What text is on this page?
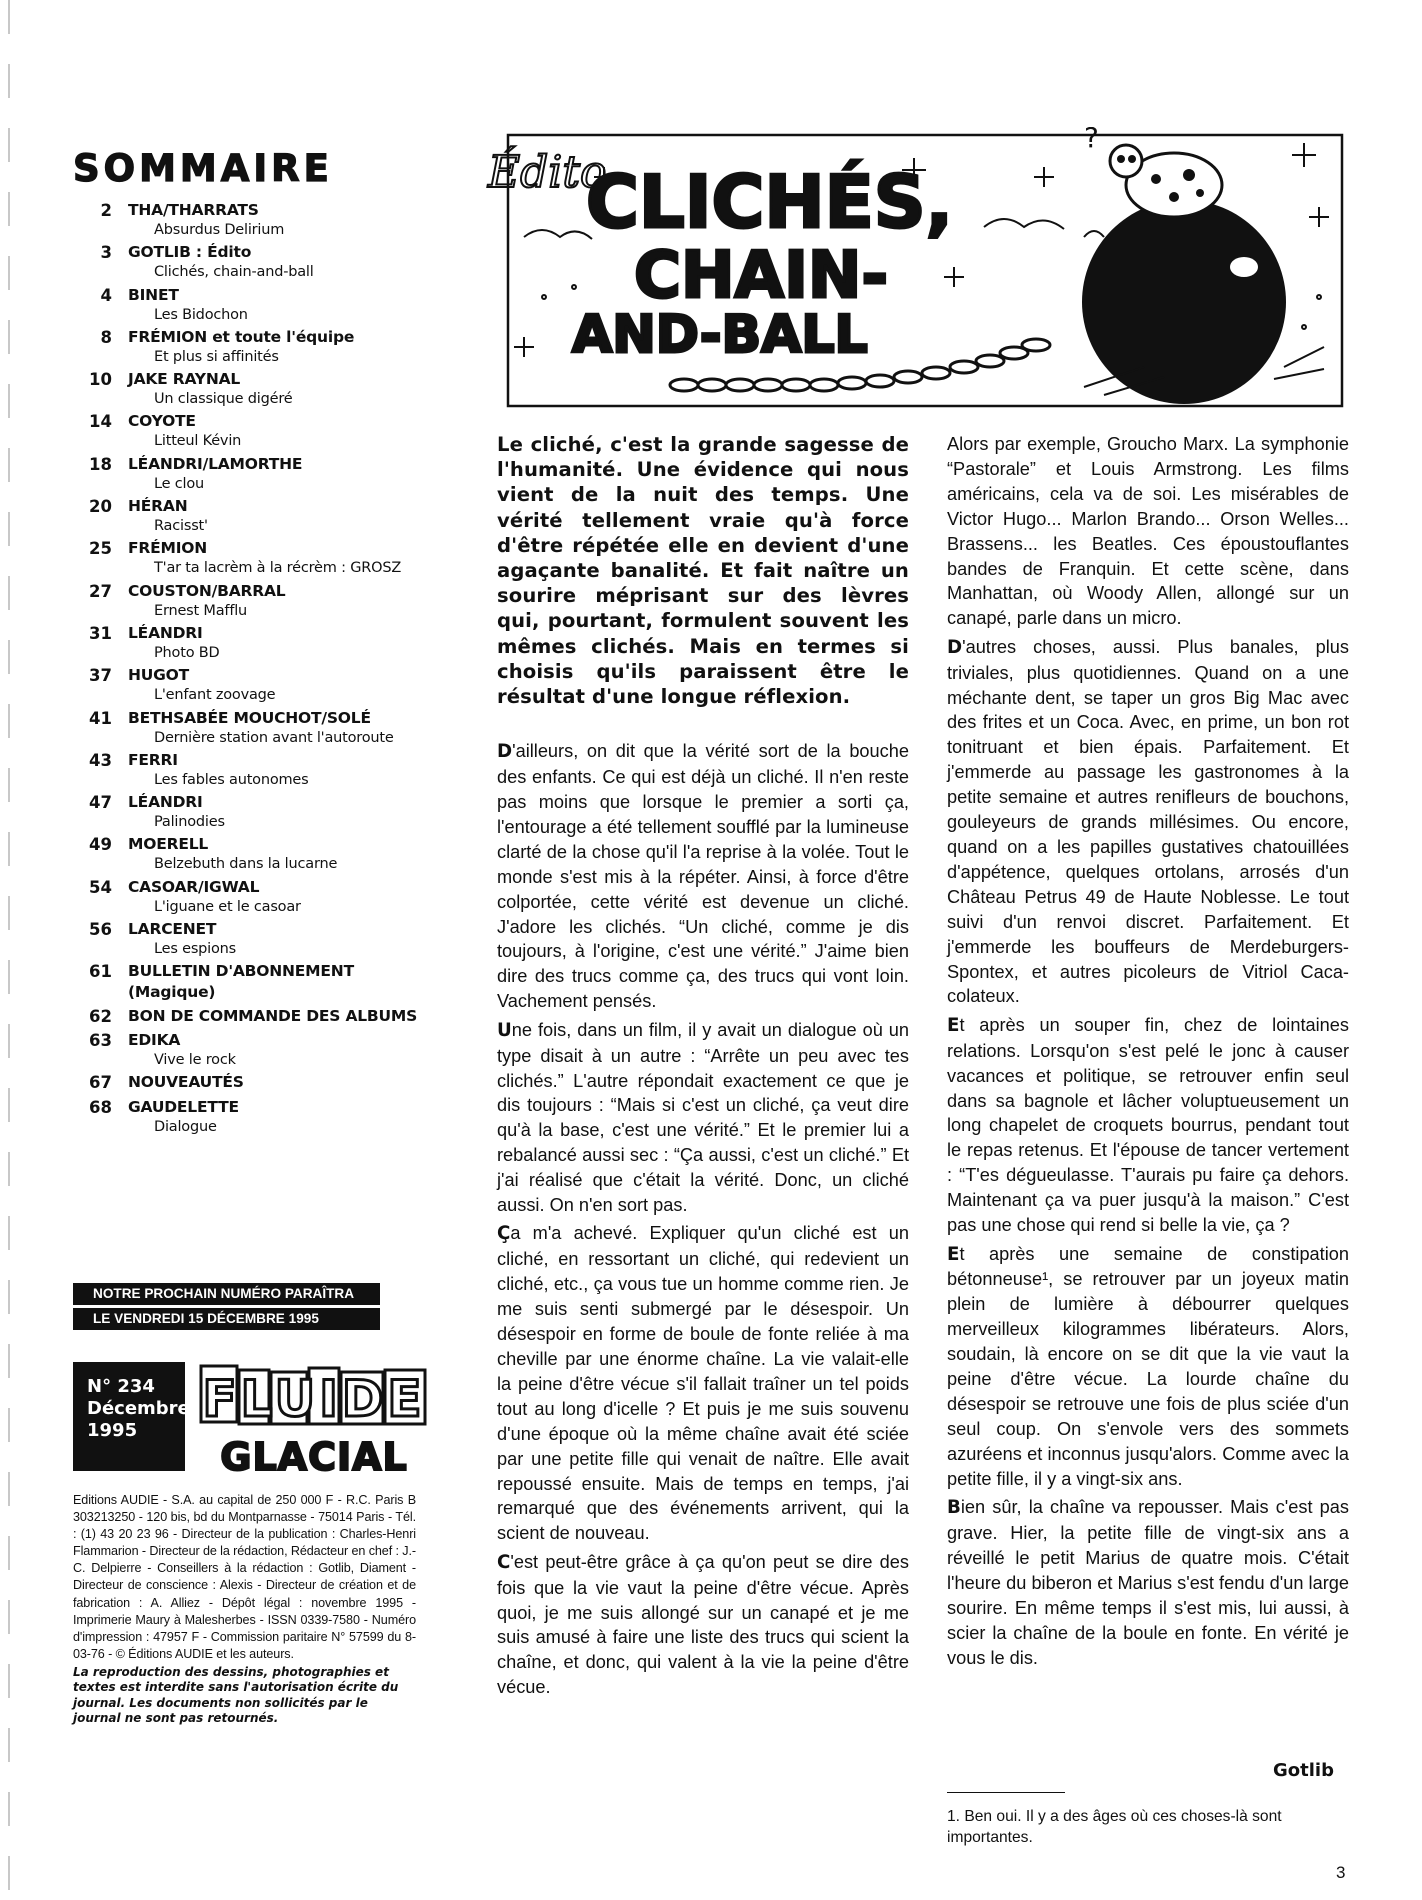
SOMMAIRE
2	THA/THARRATS
Absurdus Delirium
3	GOTLIB : Édito
Clichés, chain-and-ball
4	BINET
Les Bidochon
8	FRÉMION et toute l'équipe
Et plus si affinités
10	JAKE RAYNAL
Un classique digéré
14	COYOTE
Litteul Kévin
18	LÉANDRI/LAMORTHE
Le clou
20	HÉRAN
Racisst'
25	FRÉMION
T'ar ta lacrèm à la récrèm : GROSZ
27	COUSTON/BARRAL
Ernest Mafflu
31	LÉANDRI
Photo BD
37	HUGOT
L'enfant zoovage
41	BETHSABÉE MOUCHOT/SOLÉ
Dernière station avant l'autoroute
43	FERRI
Les fables autonomes
47	LÉANDRI
Palinodies
49	MOERELL
Belzebuth dans la lucarne
54	CASOAR/IGWAL
L'iguane et le casoar
56	LARCENET
Les espions
61	BULLETIN D'ABONNEMENT (Magique)
62	BON DE COMMANDE DES ALBUMS
63	EDIKA
Vive le rock
67	NOUVEAUTÉS
68	GAUDELETTE
Dialogue
NOTRE PROCHAIN NUMÉRO PARAÎTRA
LE VENDREDI 15 DÉCEMBRE 1995
N° 234
Décembre
1995
FLUIDE
GLACIAL
Editions AUDIE - S.A. au capital de 250 000 F - R.C. Paris B 303213250 - 120 bis, bd du Montparnasse - 75014 Paris - Tél. : (1) 43 20 23 96 - Directeur de la publication : Charles-Henri Flammarion - Directeur de la rédaction, Rédacteur en chef : J.-C. Delpierre - Conseillers à la rédaction : Gotlib, Diament - Directeur de conscience : Alexis - Directeur de création et de fabrication : A. Alliez - Dépôt légal : novembre 1995 - Imprimerie Maury à Malesherbes - ISSN 0339-7580 - Numéro d'impression : 47957 F - Commission paritaire N° 57599 du 8-03-76 - © Éditions AUDIE et les auteurs.
La reproduction des dessins, photographies et textes est interdite sans l'autorisation écrite du journal. Les documents non sollicités par le journal ne sont pas retournés.
Édito
CLICHÉS,
CHAIN-
AND-BALL
?

Le cliché, c'est la grande sagesse de l'humanité. Une évidence qui nous vient de la nuit des temps. Une vérité tellement vraie qu'à force d'être répétée elle en devient d'une agaçante banalité. Et fait naître un sourire méprisant sur des lèvres qui, pourtant, formulent souvent les mêmes clichés. Mais en termes si choisis qu'ils paraissent être le résultat d'une longue réflexion.

D'ailleurs, on dit que la vérité sort de la bouche des enfants. Ce qui est déjà un cliché. Il n'en reste pas moins que lorsque le premier a sorti ça, l'entourage a été tellement soufflé par la lumineuse clarté de la chose qu'il l'a reprise à la volée. Tout le monde s'est mis à la répéter. Ainsi, à force d'être colportée, cette vérité est devenue un cliché. J'adore les clichés. “Un cliché, comme je dis toujours, à l'origine, c'est une vérité.” J'aime bien dire des trucs comme ça, des trucs qui vont loin. Vachement pensés.

Une fois, dans un film, il y avait un dialogue où un type disait à un autre : “Arrête un peu avec tes clichés.” L'autre répondait exactement ce que je dis toujours : “Mais si c'est un cliché, ça veut dire qu'à la base, c'est une vérité.” Et le premier lui a rebalancé aussi sec : “Ça aussi, c'est un cliché.” Et j'ai réalisé que c'était la vérité. Donc, un cliché aussi. On n'en sort pas.

Ça m'a achevé. Expliquer qu'un cliché est un cliché, en ressortant un cliché, qui redevient un cliché, etc., ça vous tue un homme comme rien. Je me suis senti submergé par le désespoir. Un désespoir en forme de boule de fonte reliée à ma cheville par une énorme chaîne. La vie valait-elle la peine d'être vécue s'il fallait traîner un tel poids tout au long d'icelle ? Et puis je me suis souvenu d'une époque où la même chaîne avait été sciée par une petite fille qui venait de naître. Elle avait repoussé ensuite. Mais de temps en temps, j'ai remarqué que des événements arrivent, qui la scient de nouveau.

C'est peut-être grâce à ça qu'on peut se dire des fois que la vie vaut la peine d'être vécue. Après quoi, je me suis allongé sur un canapé et je me suis amusé à faire une liste des trucs qui scient la chaîne, et donc, qui valent à la vie la peine d'être vécue.

Alors par exemple, Groucho Marx. La symphonie “Pastorale” et Louis Armstrong. Les films américains, cela va de soi. Les misérables de Victor Hugo... Marlon Brando... Orson Welles... Brassens... les Beatles. Ces époustouflantes bandes de Franquin. Et cette scène, dans Manhattan, où Woody Allen, allongé sur un canapé, parle dans un micro.

D'autres choses, aussi. Plus banales, plus triviales, plus quotidiennes. Quand on a une méchante dent, se taper un gros Big Mac avec des frites et un Coca. Avec, en prime, un bon rot tonitruant et bien épais. Parfaitement. Et j'emmerde au passage les gastronomes à la petite semaine et autres renifleurs de bouchons, gouleyeurs de grands millésimes. Ou encore, quand on a les papilles gustatives chatouillées d'appétence, quelques ortolans, arrosés d'un Château Petrus 49 de Haute Noblesse. Le tout suivi d'un renvoi discret. Parfaitement. Et j'emmerde les bouffeurs de Merdeburgers-Spontex, et autres picoleurs de Vitriol Caca-colateux.

Et après un souper fin, chez de lointaines relations. Lorsqu'on s'est pelé le jonc à causer vacances et politique, se retrouver enfin seul dans sa bagnole et lâcher voluptueusement un long chapelet de croquets bourrus, pendant tout le repas retenus. Et l'épouse de tancer vertement : “T'es dégueulasse. T'aurais pu faire ça dehors. Maintenant ça va puer jusqu'à la maison.” C'est pas une chose qui rend si belle la vie, ça ?

Et après une semaine de constipation bétonneuse¹, se retrouver par un joyeux matin plein de lumière à débourrer quelques merveilleux kilogrammes libérateurs. Alors, soudain, là encore on se dit que la vie vaut la peine d'être vécue. La lourde chaîne du désespoir se retrouve une fois de plus sciée d'un seul coup. On s'envole vers des sommets azuréens et inconnus jusqu'alors. Comme avec la petite fille, il y a vingt-six ans.

Bien sûr, la chaîne va repousser. Mais c'est pas grave. Hier, la petite fille de vingt-six ans a réveillé le petit Marius de quatre mois. C'était l'heure du biberon et Marius s'est fendu d'un large sourire. En même temps il s'est mis, lui aussi, à scier la chaîne de la boule en fonte. En vérité je vous le dis.

Gotlib
1. Ben oui. Il y a des âges où ces choses-là sont importantes.
3
